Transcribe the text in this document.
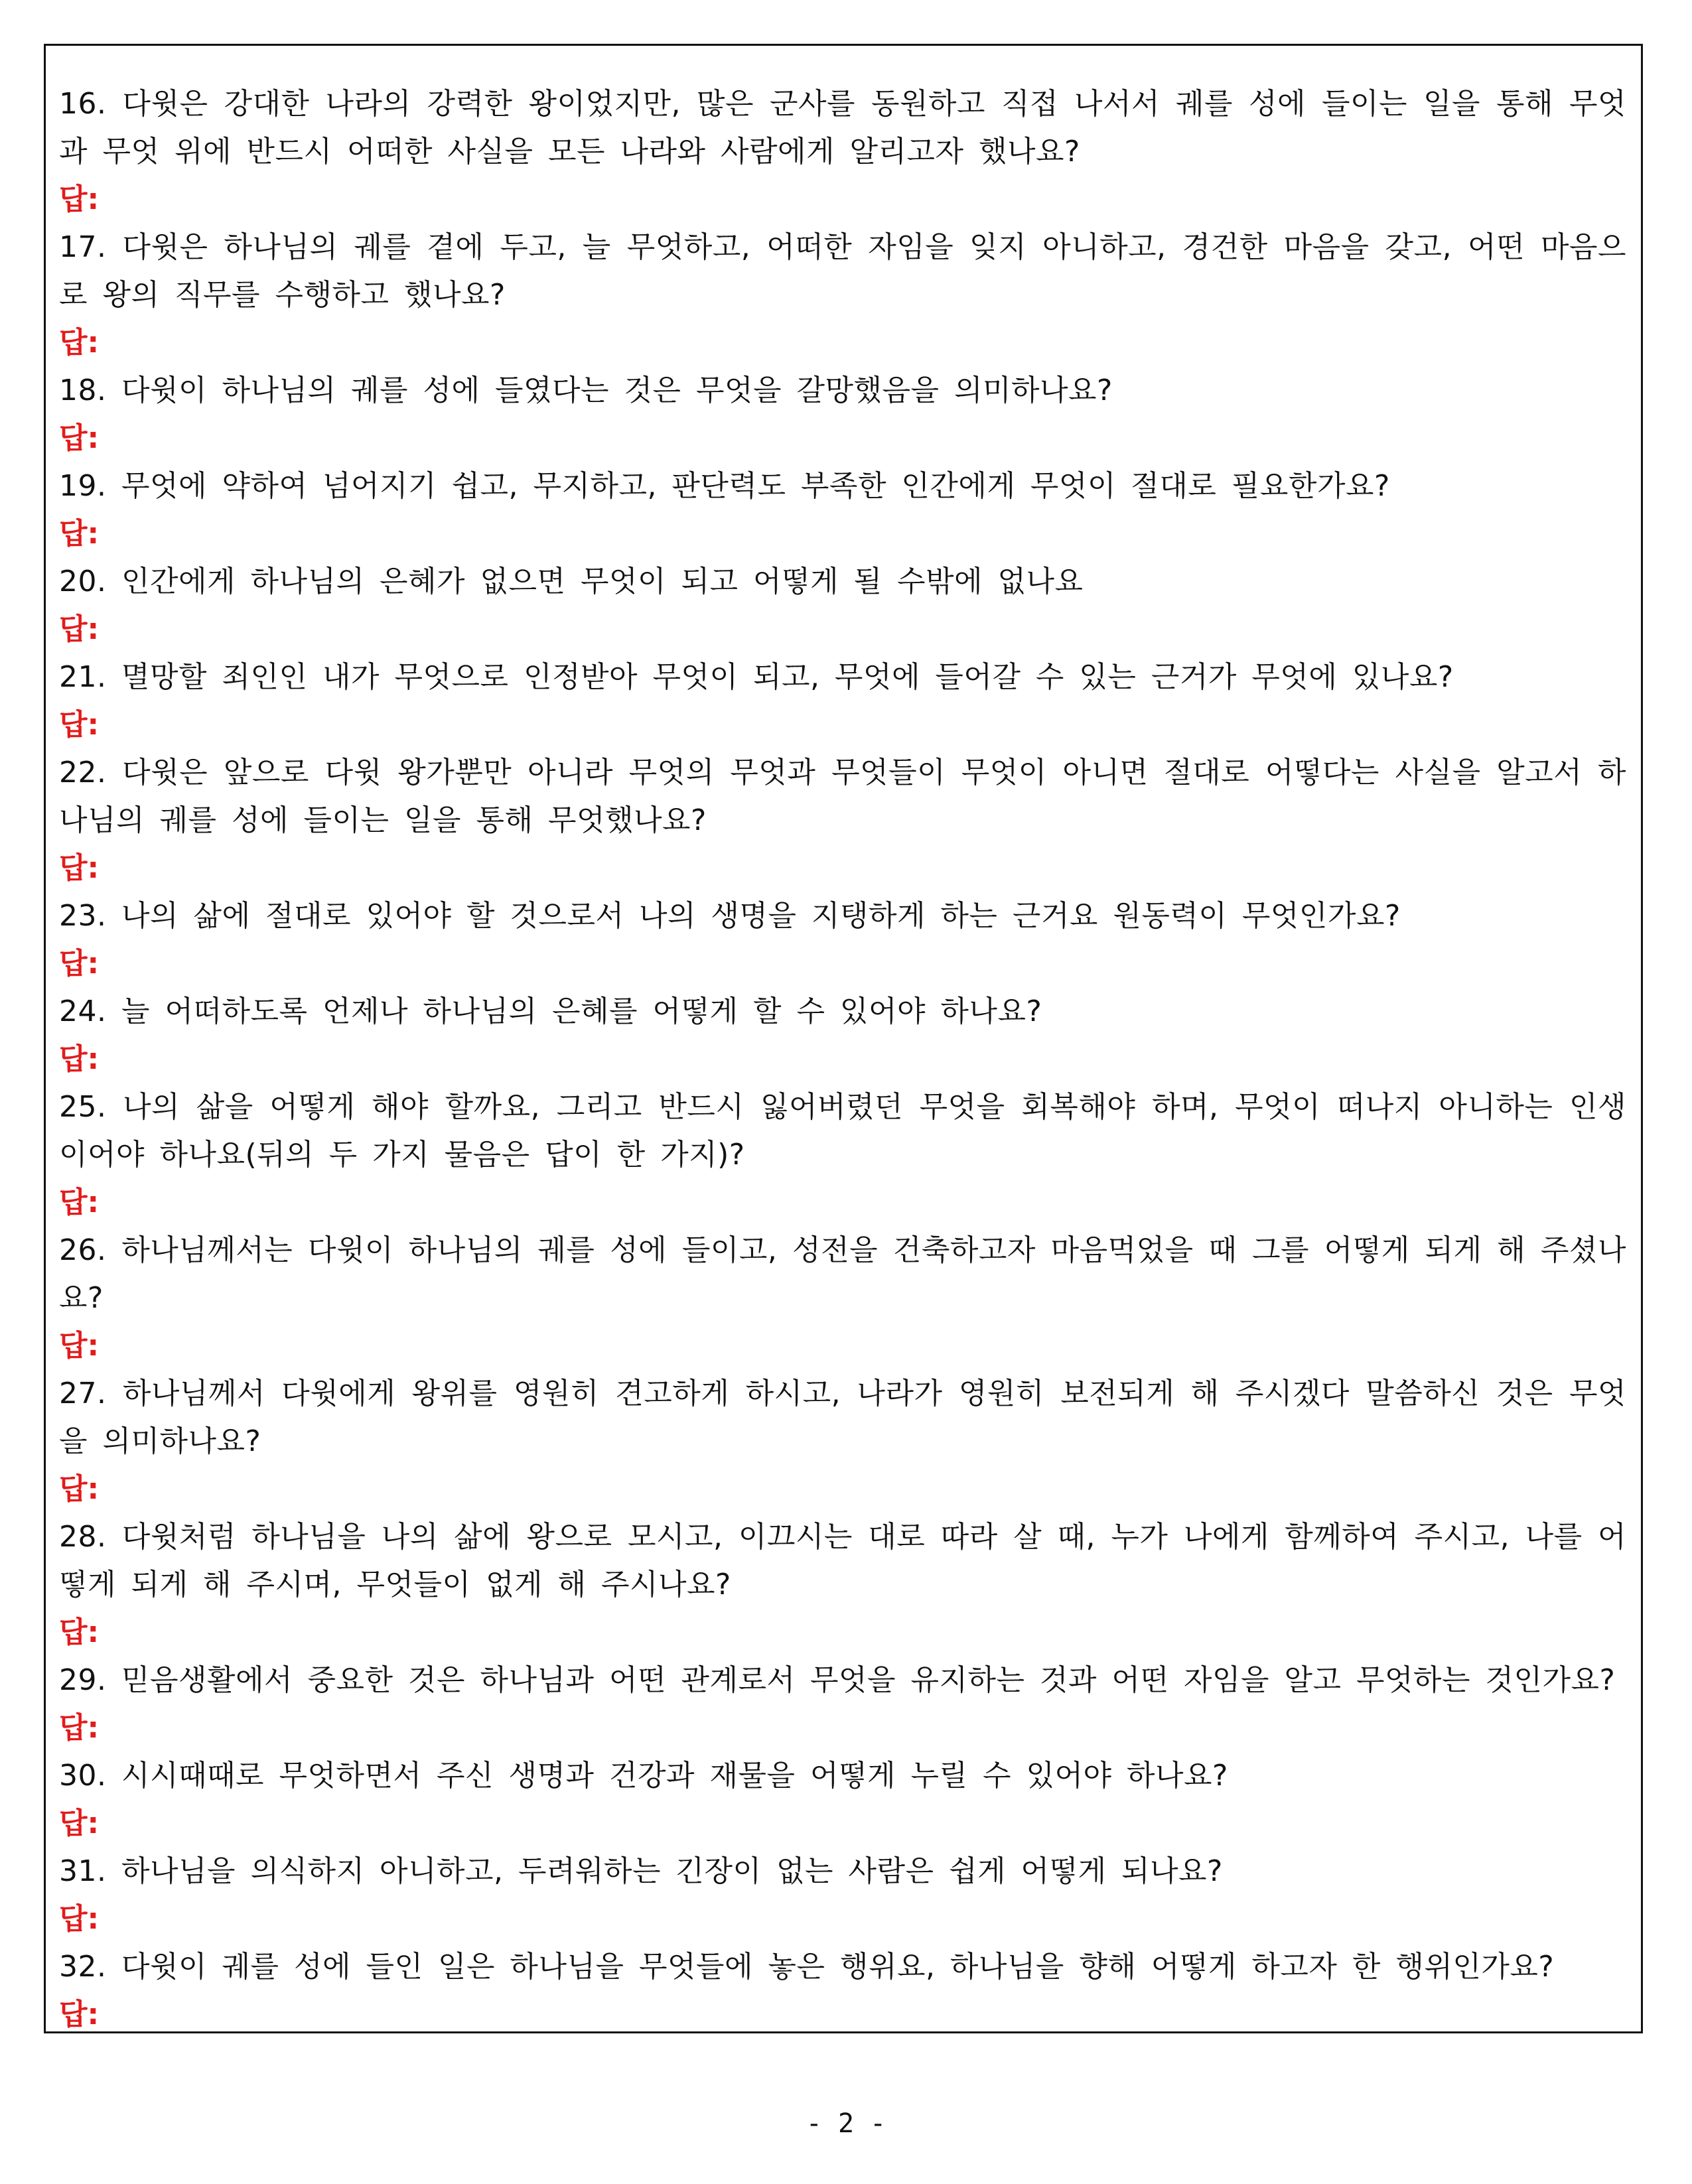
16. 다윗은 강대한 나라의 강력한 왕이었지만, 많은 군사를 동원하고 직접 나서서 궤를 성에 들이는 일을 통해 무엇과 무엇 위에 반드시 어떠한 사실을 모든 나라와 사람에게 알리고자 했나요?

답:

17. 다윗은 하나님의 궤를 곁에 두고, 늘 무엇하고, 어떠한 자임을 잊지 아니하고, 경건한 마음을 갖고, 어떤 마음으로 왕의 직무를 수행하고 했나요?

답:

18. 다윗이 하나님의 궤를 성에 들였다는 것은 무엇을 갈망했음을 의미하나요?

답:

19. 무엇에 약하여 넘어지기 쉽고, 무지하고, 판단력도 부족한 인간에게 무엇이 절대로 필요한가요?

답:

20. 인간에게 하나님의 은혜가 없으면 무엇이 되고 어떻게 될 수밖에 없나요

답:

21. 멸망할 죄인인 내가 무엇으로 인정받아 무엇이 되고, 무엇에 들어갈 수 있는 근거가 무엇에 있나요?

답:

22. 다윗은 앞으로 다윗 왕가뿐만 아니라 무엇의 무엇과 무엇들이 무엇이 아니면 절대로 어떻다는 사실을 알고서 하나님의 궤를 성에 들이는 일을 통해 무엇했나요?

답:

23. 나의 삶에 절대로 있어야 할 것으로서 나의 생명을 지탱하게 하는 근거요 원동력이 무엇인가요?

답:

24. 늘 어떠하도록 언제나 하나님의 은혜를 어떻게 할 수 있어야 하나요?

답:

25. 나의 삶을 어떻게 해야 할까요, 그리고 반드시 잃어버렸던 무엇을 회복해야 하며, 무엇이 떠나지 아니하는 인생이어야 하나요(뒤의 두 가지 물음은 답이 한 가지)?

답:

26. 하나님께서는 다윗이 하나님의 궤를 성에 들이고, 성전을 건축하고자 마음먹었을 때 그를 어떻게 되게 해 주셨나요?

답:

27. 하나님께서 다윗에게 왕위를 영원히 견고하게 하시고, 나라가 영원히 보전되게 해 주시겠다 말씀하신 것은 무엇을 의미하나요?

답:

28. 다윗처럼 하나님을 나의 삶에 왕으로 모시고, 이끄시는 대로 따라 살 때, 누가 나에게 함께하여 주시고, 나를 어떻게 되게 해 주시며, 무엇들이 없게 해 주시나요?

답:

29. 믿음생활에서 중요한 것은 하나님과 어떤 관계로서 무엇을 유지하는 것과 어떤 자임을 알고 무엇하는 것인가요?

답:

30. 시시때때로 무엇하면서 주신 생명과 건강과 재물을 어떻게 누릴 수 있어야 하나요?

답:

31. 하나님을 의식하지 아니하고, 두려워하는 긴장이 없는 사람은 쉽게 어떻게 되나요?

답:

32. 다윗이 궤를 성에 들인 일은 하나님을 무엇들에 놓은 행위요, 하나님을 향해 어떻게 하고자 한 행위인가요?

답:

- 2 -
